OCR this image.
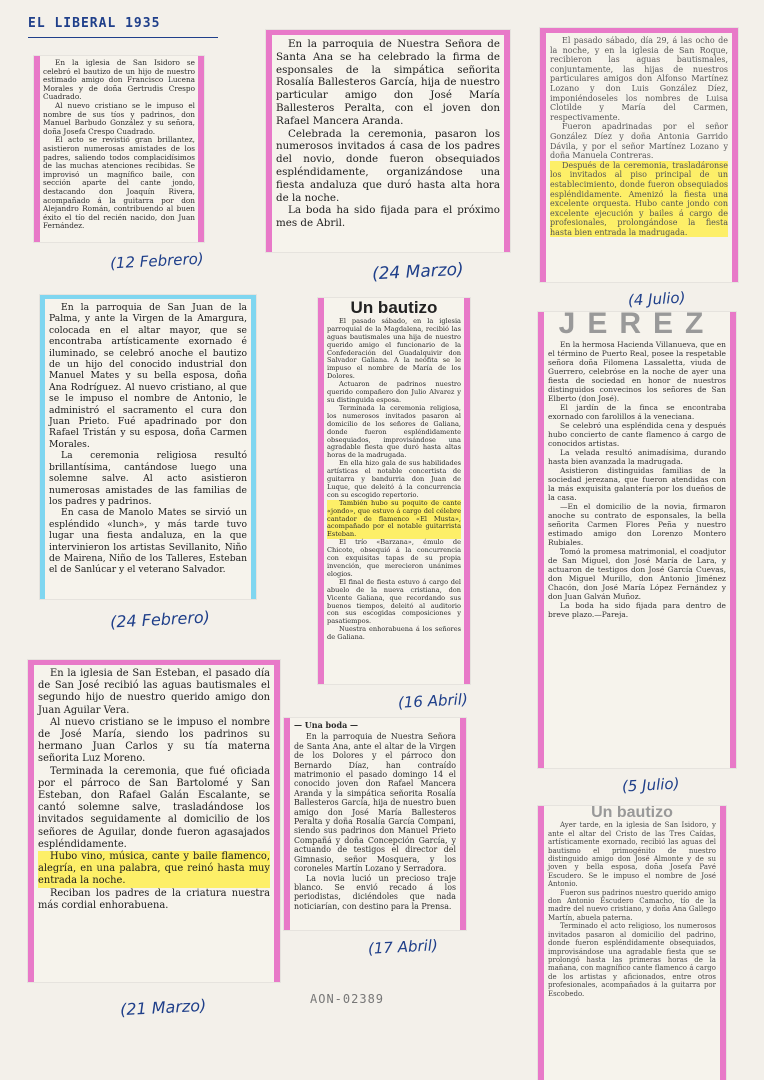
EL LIBERAL 1935

En la iglesia de San Isidoro se celebró el bautizo de un hijo de nuestro estimado amigo don Francisco Lucena Morales y de doña Gertrudis Crespo Cuadrado.

Al nuevo cristiano se le impuso el nombre de sus tíos y padrinos, don Manuel Barbudo González y su señora, doña Josefa Crespo Cuadrado.

El acto se revistió gran brillantez, asistieron numerosas amistades de los padres, saliendo todos complacidísimos de las muchas atenciones recibidas. Se improvisó un magnífico baile, con sección aparte del cante jondo, destacando don Joaquín Rivera, acompañado á la guitarra por don Alejandro Román, contribuendo al buen éxito el tío del recién nacido, don Juan Fernández.

(12 Febrero)

En la parroquia de Nuestra Señora de Santa Ana se ha celebrado la firma de esponsales de la simpática señorita Rosalía Ballesteros García, hija de nuestro particular amigo don José María Ballesteros Peralta, con el joven don Rafael Mancera Aranda.

Celebrada la ceremonia, pasaron los numerosos invitados á casa de los padres del novio, donde fueron obsequiados espléndidamente, organizándose una fiesta andaluza que duró hasta alta hora de la noche.

La boda ha sido fijada para el próximo mes de Abril.

(24 Marzo)

El pasado sábado, día 29, á las ocho de la noche, y en la iglesia de San Roque, recibieron las aguas bautismales, conjuntamente, las hijas de nuestros particulares amigos don Alfonso Martínez Lozano y don Luis González Díez, imponiéndoseles los nombres de Luisa Clotilde y María del Carmen, respectivamente.

Fueron apadrinadas por el señor González Díez y doña Antonia Garrido Dávila, y por el señor Martínez Lozano y doña Manuela Contreras.

Después de la ceremonia, trasladáronse los invitados al piso principal de un establecimiento, donde fueron obsequiados espléndidamente. Amenizó la fiesta una excelente orquesta. Hubo cante jondo con excelente ejecución y bailes á cargo de profesionales, prolongándose la fiesta hasta bien entrada la madrugada.

(4 Julio)

En la parroquia de San Juan de la Palma, y ante la Virgen de la Amargura, colocada en el altar mayor, que se encontraba artísticamente exornado é iluminado, se celebró anoche el bautizo de un hijo del conocido industrial don Manuel Mates y su bella esposa, doña Ana Rodríguez. Al nuevo cristiano, al que se le impuso el nombre de Antonio, le administró el sacramento el cura don Juan Prieto. Fué apadrinado por don Rafael Tristán y su esposa, doña Carmen Morales.

La ceremonia religiosa resultó brillantísima, cantándose luego una solemne salve. Al acto asistieron numerosas amistades de las familias de los padres y padrinos.

En casa de Manolo Mates se sirvió un espléndido «lunch», y más tarde tuvo lugar una fiesta andaluza, en la que intervinieron los artistas Sevillanito, Niño de Mairena, Niño de los Talleres, Esteban el de Sanlúcar y el veterano Salvador.

(24 Febrero)
Un bautizo

El pasado sábado, en la iglesia parroquial de la Magdalena, recibió las aguas bautismales una hija de nuestro querido amigo el funcionario de la Confederación del Guadalquivir don Salvador Galiana. A la neófita se le impuso el nombre de María de los Dolores.

Actuaron de padrinos nuestro querido compañero don Julio Alvarez y su distinguida esposa.

Terminada la ceremonia religiosa, los numerosos invitados pasaron al domicilio de los señores de Galiana, donde fueron espléndidamente obsequiados, improvisándose una agradable fiesta que duró hasta altas horas de la madrugada.

En ella hizo gala de sus habilidades artísticas el notable concertista de guitarra y bandurria don Juan de Luque, que deleitó á la concurrencia con su escogido repertorio.

También hubo su poquito de cante «jondo», que estuvo á cargo del célebre cantador de flamenco «El Musta», acompañado por el notable guitarrista Esteban.

El trío «Barzana», émulo de Chicote, obsequió á la concurrencia con exquisitas tapas de su propia invención, que merecieron unánimes elogios.

El final de fiesta estuvo á cargo del abuelo de la nueva cristiana, don Vicente Galiana, que recordando sus buenos tiempos, deleitó al auditorio con sus escogidas composiciones y pasatiempos.

Nuestra enhorabuena á los señores de Galiana.

(16 Abril)
JEREZ

En la hermosa Hacienda Villanueva, que en el término de Puerto Real, posee la respetable señora doña Filomena Lassaletta, viuda de Guerrero, celebróse en la noche de ayer una fiesta de sociedad en honor de nuestros distinguidos convecinos los señores de San Elberto (don José).

El jardín de la finca se encontraba exornado con farolillos á la veneciana.

Se celebró una espléndida cena y después hubo concierto de cante flamenco á cargo de conocidos artistas.

La velada resultó animadísima, durando hasta bien avanzada la madrugada.

Asistieron distinguidas familias de la sociedad jerezana, que fueron atendidas con la más exquisita galantería por los dueños de la casa.

—En el domicilio de la novia, firmaron anoche su contrato de esponsales, la bella señorita Carmen Flores Peña y nuestro estimado amigo don Lorenzo Montero Rubiales.

Tomó la promesa matrimonial, el coadjutor de San Miguel, don José María de Lara, y actuaron de testigos don José García Cuevas, don Miguel Murillo, don Antonio Jiménez Chacón, don José María López Fernández y don Juan Galván Muñoz.

La boda ha sido fijada para dentro de breve plazo.—Pareja.

(5 Julio)

En la iglesia de San Esteban, el pasado día de San José recibió las aguas bautismales el segundo hijo de nuestro querido amigo don Juan Aguilar Vera.

Al nuevo cristiano se le impuso el nombre de José María, siendo los padrinos su hermano Juan Carlos y su tía materna señorita Luz Moreno.

Terminada la ceremonia, que fué oficiada por el párroco de San Bartolomé y San Esteban, don Rafael Galán Escalante, se cantó solemne salve, trasladándose los invitados seguidamente al domicilio de los señores de Aguilar, donde fueron agasajados espléndidamente.

Hubo vino, música, cante y baile flamenco, alegría, en una palabra, que reinó hasta muy entrada la noche.

Reciban los padres de la criatura nuestra más cordial enhorabuena.

(21 Marzo)
— Una boda —

En la parroquia de Nuestra Señora de Santa Ana, ante el altar de la Virgen de los Dolores y el párroco don Bernardo Díaz, han contraído matrimonio el pasado domingo 14 el conocido joven don Rafael Mancera Aranda y la simpática señorita Rosalía Ballesteros García, hija de nuestro buen amigo don José María Ballesteros Peralta y doña Rosalía García Compani, siendo sus padrinos don Manuel Prieto Compañá y doña Concepción García, y actuando de testigos el director del Gimnasio, señor Mosquera, y los coroneles Martín Lozano y Serradora.

La novia lució un precioso traje blanco. Se envió recado á los periodistas, diciéndoles que nada noticiarían, con destino para la Prensa.

(17 Abril)
AON-02389
Un bautizo

Ayer tarde, en la iglesia de San Isidoro, y ante el altar del Cristo de las Tres Caídas, artísticamente exornado, recibió las aguas del bautismo el primogénito de nuestro distinguido amigo don José Almonte y de su joven y bella esposa, doña Josefa Pavé Escudero. Se le impuso el nombre de José Antonio.

Fueron sus padrinos nuestro querido amigo don Antonio Escudero Camacho, tío de la madre del nuevo cristiano, y doña Ana Gallego Martín, abuela paterna.

Terminado el acto religioso, los numerosos invitados pasaron al domicilio del padrino, donde fueron espléndidamente obsequiados, improvisándose una agradable fiesta que se prolongó hasta las primeras horas de la mañana, con magnífico cante flamenco á cargo de los artistas y aficionados, entre otros profesionales, acompañados á la guitarra por Escobedo.
